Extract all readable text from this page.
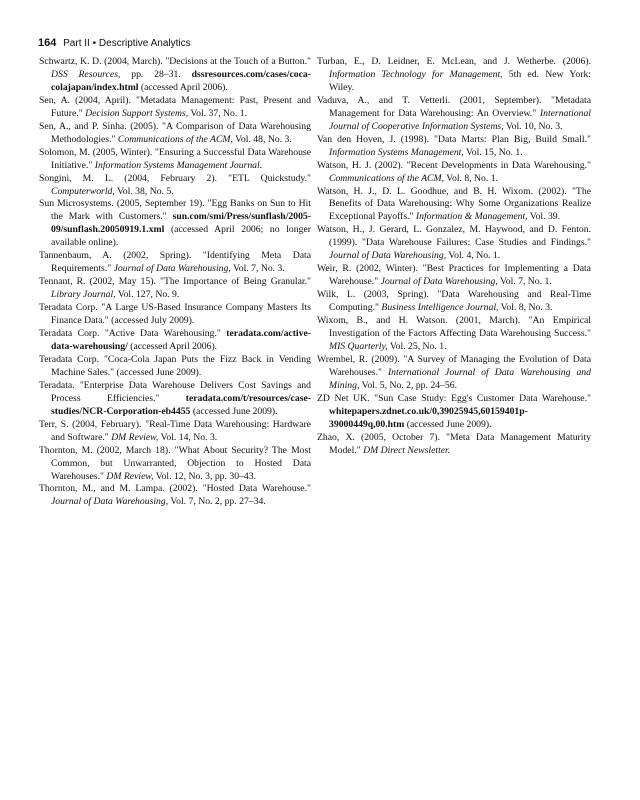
164 Part II • Descriptive Analytics

Schwartz, K. D. (2004, March). "Decisions at the Touch of a Button." DSS Resources, pp. 28–31. dssresources.com/cases/coca-colajapan/index.html (accessed April 2006).

Sen, A. (2004, April). "Metadata Management: Past, Present and Future." Decision Support Systems, Vol. 37, No. 1.

Sen, A., and P. Sinha. (2005). "A Comparison of Data Warehousing Methodologies." Communications of the ACM, Vol. 48, No. 3.

Solomon, M. (2005, Winter). "Ensuring a Successful Data Warehouse Initiative." Information Systems Management Journal.

Songini, M. L. (2004, February 2). "ETL Quickstudy." Computerworld, Vol. 38, No. 5.

Sun Microsystems. (2005, September 19). "Egg Banks on Sun to Hit the Mark with Customers." sun.com/smi/Press/sunflash/2005-09/sunflash.20050919.1.xml (accessed April 2006; no longer available online).

Tannenbaum, A. (2002, Spring). "Identifying Meta Data Requirements." Journal of Data Warehousing, Vol. 7, No. 3.

Tennant, R. (2002, May 15). "The Importance of Being Granular." Library Journal, Vol. 127, No. 9.

Teradata Corp. "A Large US-Based Insurance Company Masters Its Finance Data." (accessed July 2009).

Teradata Corp. "Active Data Warehousing." teradata.com/active-data-warehousing/ (accessed April 2006).

Teradata Corp. "Coca-Cola Japan Puts the Fizz Back in Vending Machine Sales." (accessed June 2009).

Teradata. "Enterprise Data Warehouse Delivers Cost Savings and Process Efficiencies." teradata.com/t/resources/case-studies/NCR-Corporation-eb4455 (accessed June 2009).

Terr, S. (2004, February). "Real-Time Data Warehousing: Hardware and Software." DM Review, Vol. 14, No. 3.

Thornton, M. (2002, March 18). "What About Security? The Most Common, but Unwarranted, Objection to Hosted Data Warehouses." DM Review, Vol. 12, No. 3, pp. 30–43.

Thornton, M., and M. Lampa. (2002). "Hosted Data Warehouse." Journal of Data Warehousing, Vol. 7, No. 2, pp. 27–34.

Turban, E., D. Leidner, E. McLean, and J. Wetherbe. (2006). Information Technology for Management, 5th ed. New York: Wiley.

Vaduva, A., and T. Vetterli. (2001, September). "Metadata Management for Data Warehousing: An Overview." International Journal of Cooperative Information Systems, Vol. 10, No. 3.

Van den Hoven, J. (1998). "Data Marts: Plan Big, Build Small." Information Systems Management, Vol. 15, No. 1.

Watson, H. J. (2002). "Recent Developments in Data Warehousing." Communications of the ACM, Vol. 8, No. 1.

Watson, H. J., D. L. Goodhue, and B. H. Wixom. (2002). "The Benefits of Data Warehousing: Why Some Organizations Realize Exceptional Payoffs." Information & Management, Vol. 39.

Watson, H., J. Gerard, L. Gonzalez, M. Haywood, and D. Fenton. (1999). "Data Warehouse Failures: Case Studies and Findings." Journal of Data Warehousing, Vol. 4, No. 1.

Weir, R. (2002, Winter). "Best Practices for Implementing a Data Warehouse." Journal of Data Warehousing, Vol. 7, No. 1.

Wilk, L. (2003, Spring). "Data Warehousing and Real-Time Computing." Business Intelligence Journal, Vol. 8, No. 3.

Wixom, B., and H. Watson. (2001, March). "An Empirical Investigation of the Factors Affecting Data Warehousing Success." MIS Quarterly, Vol. 25, No. 1.

Wrembel, R. (2009). "A Survey of Managing the Evolution of Data Warehouses." International Journal of Data Warehousing and Mining, Vol. 5, No. 2, pp. 24–56.

ZD Net UK. "Sun Case Study: Egg's Customer Data Warehouse." whitepapers.zdnet.co.uk/0,39025945,60159401p-39000449q,00.htm (accessed June 2009).

Zhao, X. (2005, October 7). "Meta Data Management Maturity Model." DM Direct Newsletter.
